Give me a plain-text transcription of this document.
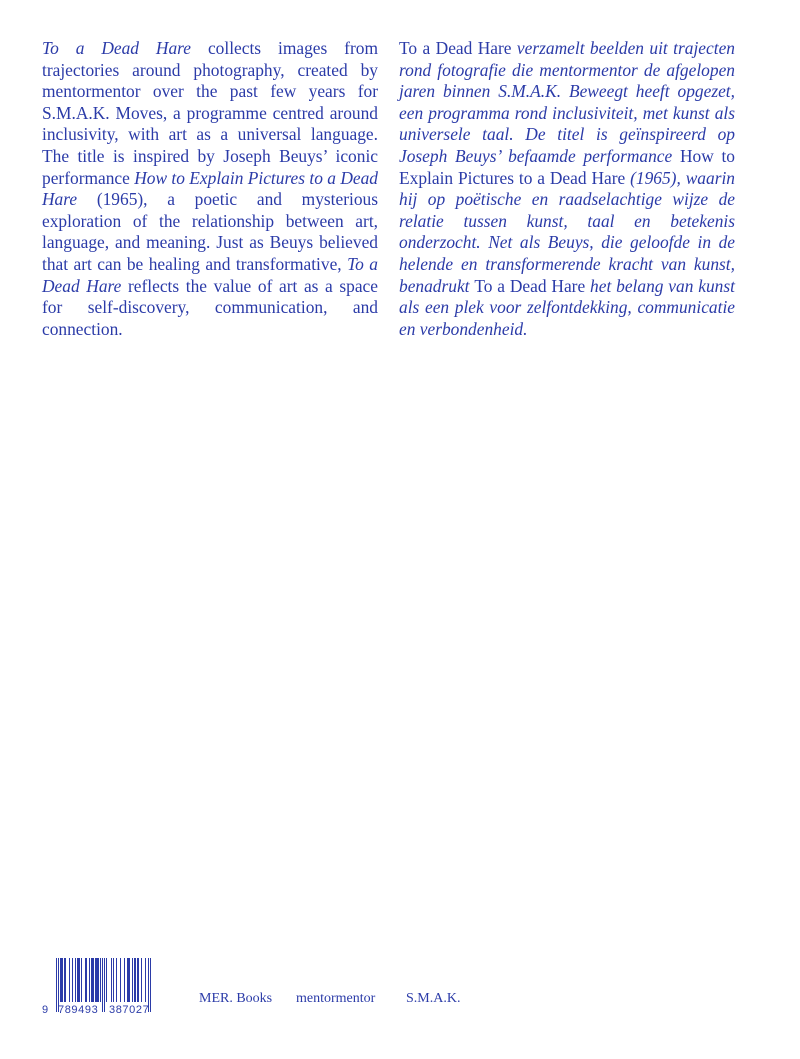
To a Dead Hare collects images from trajectories around photography, created by mentormentor over the past few years for S.M.A.K. Moves, a programme centred around inclusivity, with art as a universal language. The title is inspired by Joseph Beuys’ iconic performance How to Explain Pictures to a Dead Hare (1965), a poetic and mysterious exploration of the relationship between art, language, and meaning. Just as Beuys believed that art can be healing and transformative, To a Dead Hare reflects the value of art as a space for self-discovery, communication, and connection.

To a Dead Hare verzamelt beelden uit trajecten rond fotografie die mentormentor de afgelopen jaren binnen S.M.A.K. Beweegt heeft opgezet, een programma rond inclusiviteit, met kunst als universele taal. De titel is geïnspireerd op Joseph Beuys’ befaamde performance How to Explain Pictures to a Dead Hare (1965), waarin hij op poëtische en raadselachtige wijze de relatie tussen kunst, taal en betekenis onderzocht. Net als Beuys, die geloofde in de helende en transformerende kracht van kunst, benadrukt To a Dead Hare het belang van kunst als een plek voor zelfontdekking, communicatie en verbondenheid.

9 789493 387027
MER. Books mentormentor S.M.A.K.
